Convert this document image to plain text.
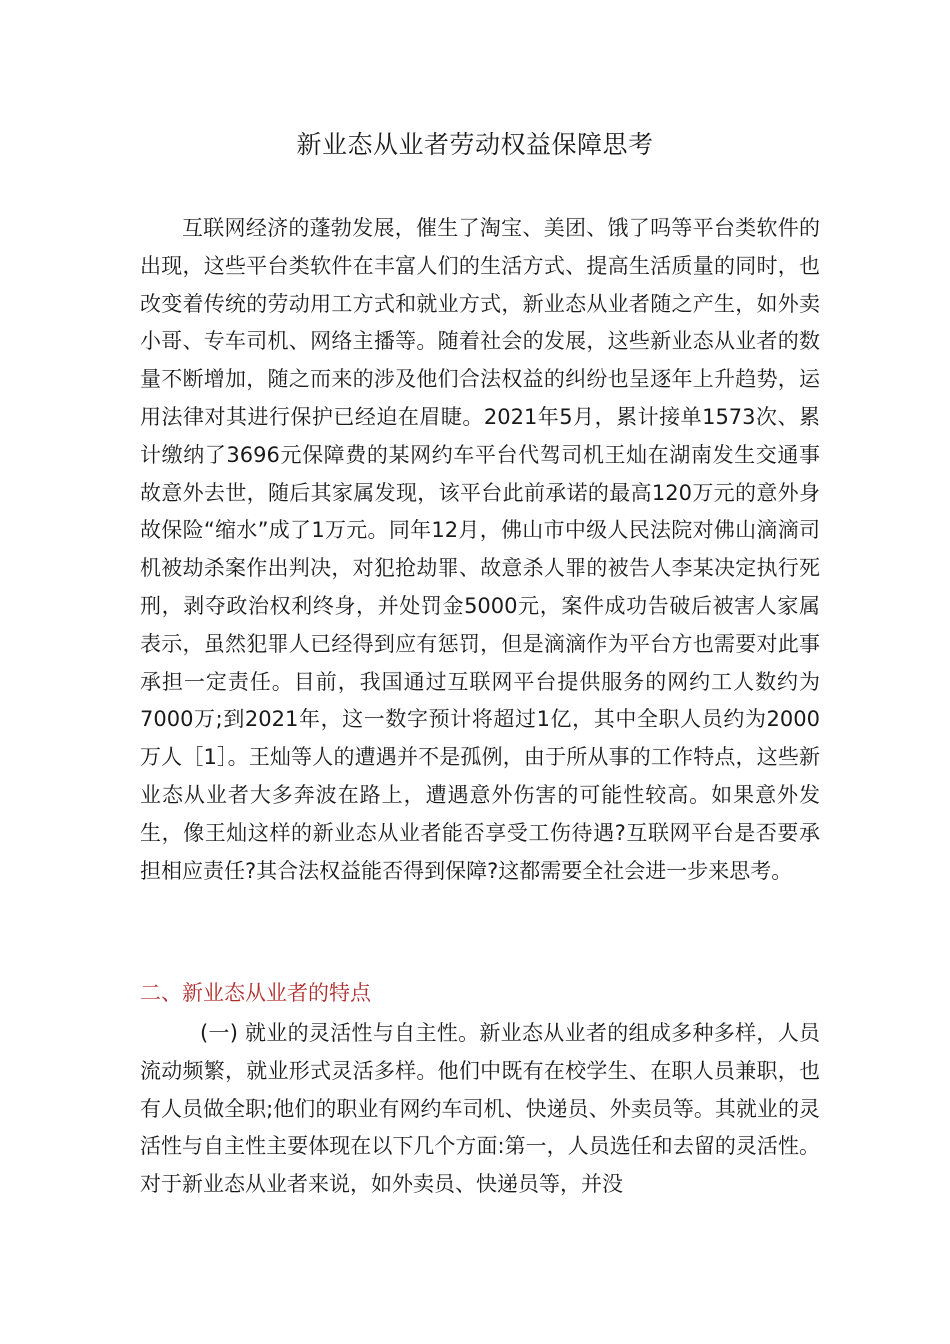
新业态从业者劳动权益保障思考

互联网经济的蓬勃发展，催生了淘宝、美团、饿了吗等平台类软件的出现，这些平台类软件在丰富人们的生活方式、提高生活质量的同时，也改变着传统的劳动用工方式和就业方式，新业态从业者随之产生，如外卖小哥、专车司机、网络主播等。随着社会的发展，这些新业态从业者的数量不断增加，随之而来的涉及他们合法权益的纠纷也呈逐年上升趋势，运用法律对其进行保护已经迫在眉睫。2021年5月，累计接单1573次、累计缴纳了3696元保障费的某网约车平台代驾司机王灿在湖南发生交通事故意外去世，随后其家属发现，该平台此前承诺的最高120万元的意外身故保险“缩水”成了1万元。同年12月，佛山市中级人民法院对佛山滴滴司机被劫杀案作出判决，对犯抢劫罪、故意杀人罪的被告人李某决定执行死刑，剥夺政治权利终身，并处罚金5000元，案件成功告破后被害人家属表示，虽然犯罪人已经得到应有惩罚，但是滴滴作为平台方也需要对此事承担一定责任。目前，我国通过互联网平台提供服务的网约工人数约为7000万;到2021年，这一数字预计将超过1亿，其中全职人员约为2000万人［1］。王灿等人的遭遇并不是孤例，由于所从事的工作特点，这些新业态从业者大多奔波在路上，遭遇意外伤害的可能性较高。如果意外发生，像王灿这样的新业态从业者能否享受工伤待遇?互联网平台是否要承担相应责任?其合法权益能否得到保障?这都需要全社会进一步来思考。

二、新业态从业者的特点

(一) 就业的灵活性与自主性。新业态从业者的组成多种多样，人员流动频繁，就业形式灵活多样。他们中既有在校学生、在职人员兼职，也有人员做全职;他们的职业有网约车司机、快递员、外卖员等。其就业的灵活性与自主性主要体现在以下几个方面:第一，人员选任和去留的灵活性。对于新业态从业者来说，如外卖员、快递员等，并没
